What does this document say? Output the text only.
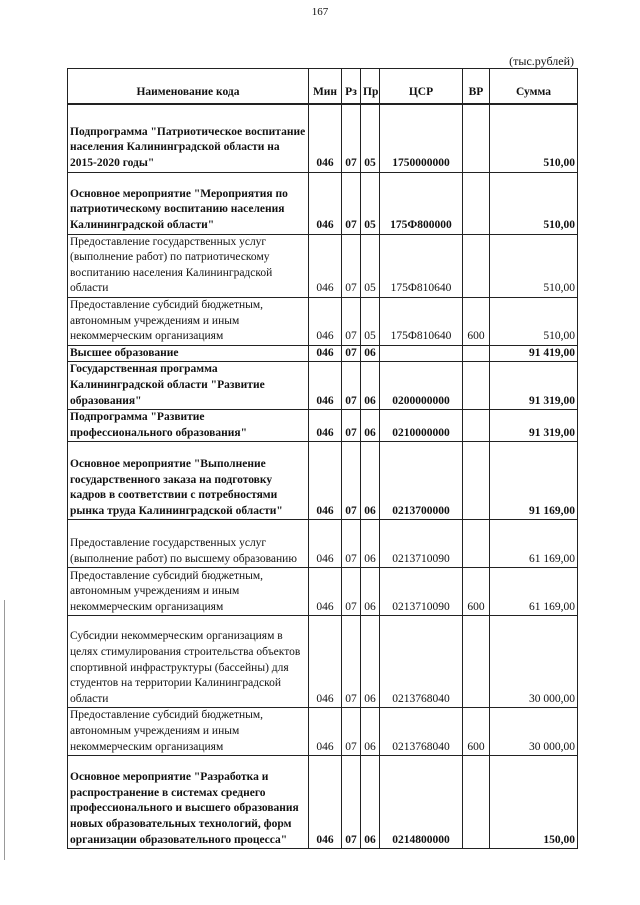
167
(тыс.рублей)
Наименование кода	Мин	Рз	Пр	ЦСР	ВР	Сумма
Подпрограмма "Патриотическое воспитание населения Калининградской области на 2015-2020 годы"	046	07	05	1750000000		510,00
Основное мероприятие "Мероприятия по патриотическому воспитанию населения Калининградской области"	046	07	05	175Ф800000		510,00
Предоставление государственных услуг (выполнение работ) по патриотическому воспитанию населения Калининградской области	046	07	05	175Ф810640		510,00
Предоставление субсидий бюджетным, автономным учреждениям и иным некоммерческим организациям	046	07	05	175Ф810640	600	510,00
Высшее образование	046	07	06			91 419,00
Государственная программа Калининградской области "Развитие образования"	046	07	06	0200000000		91 319,00
Подпрограмма "Развитие профессионального образования"	046	07	06	0210000000		91 319,00
Основное мероприятие "Выполнение государственного заказа на подготовку кадров в соответствии с потребностями рынка труда Калининградской области"	046	07	06	0213700000		91 169,00
Предоставление государственных услуг (выполнение работ) по высшему образованию	046	07	06	0213710090		61 169,00
Предоставление субсидий бюджетным, автономным учреждениям и иным некоммерческим организациям	046	07	06	0213710090	600	61 169,00
Субсидии некоммерческим организациям в целях стимулирования строительства объектов спортивной инфраструктуры (бассейны) для студентов на территории Калининградской области	046	07	06	0213768040		30 000,00
Предоставление субсидий бюджетным, автономным учреждениям и иным некоммерческим организациям	046	07	06	0213768040	600	30 000,00
Основное мероприятие "Разработка и распространение в системах среднего профессионального и высшего образования новых образовательных технологий, форм организации образовательного процесса"	046	07	06	0214800000		150,00
